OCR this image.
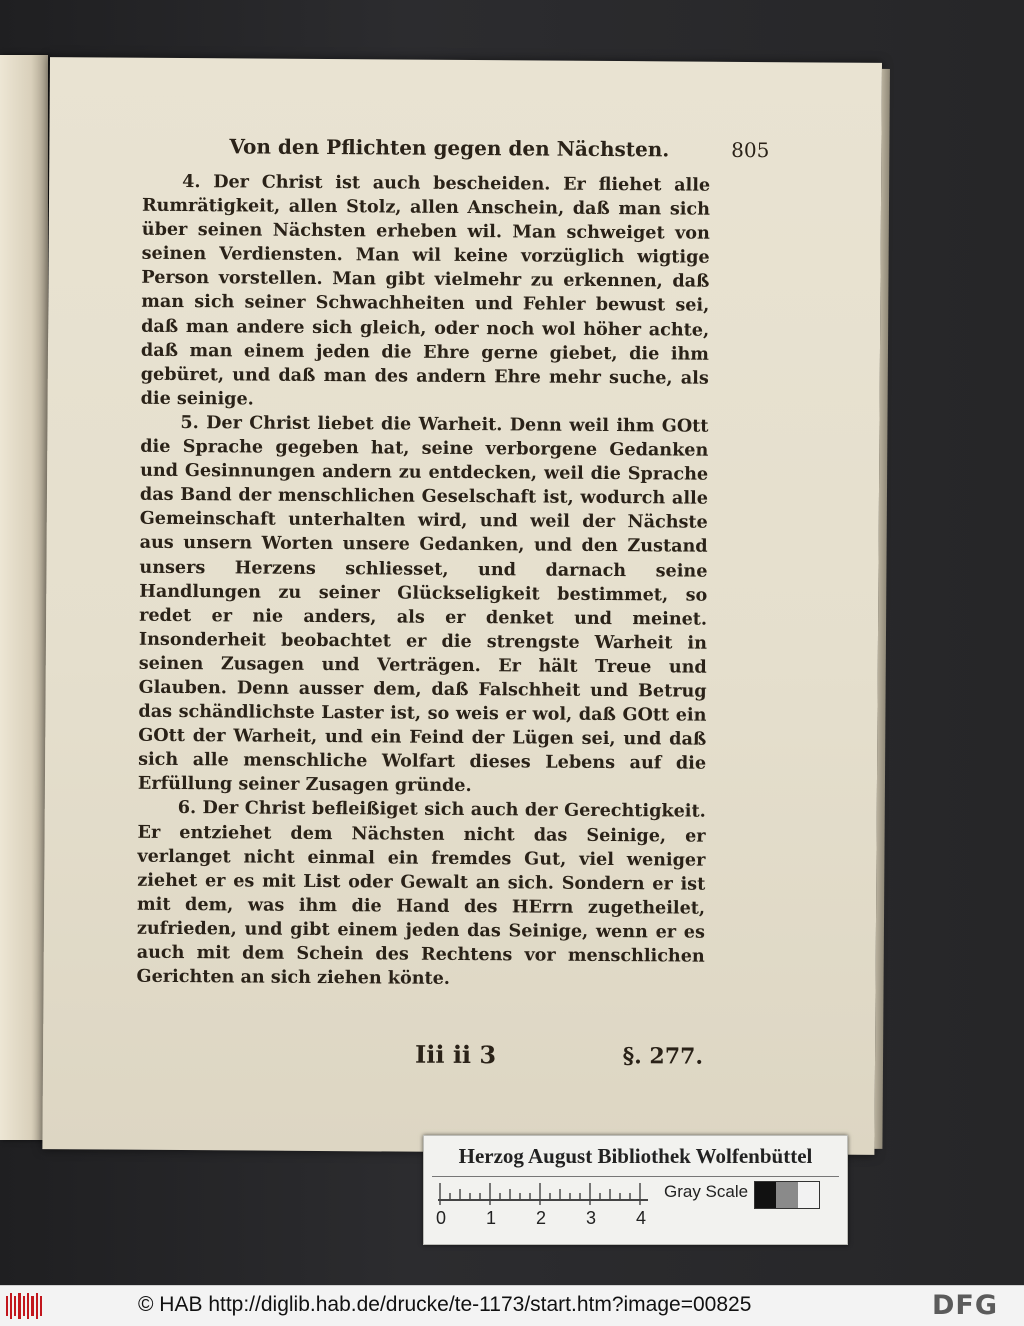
Von den Pflichten gegen den Nächsten.	805

4. Der Christ ist auch bescheiden. Er fliehet alle Rumrätigkeit, allen Stolz, allen Anschein, daß man sich über seinen Nächsten erheben wil. Man schweiget von seinen Verdiensten. Man wil keine vorzüglich wigtige Person vorstellen. Man gibt vielmehr zu erkennen, daß man sich seiner Schwachheiten und Fehler bewust sei, daß man andere sich gleich, oder noch wol höher achte, daß man einem jeden die Ehre gerne giebet, die ihm gebüret, und daß man des andern Ehre mehr suche, als die seinige.

5. Der Christ liebet die Warheit. Denn weil ihm GOtt die Sprache gegeben hat, seine verborgene Gedanken und Gesinnungen andern zu entdecken, weil die Sprache das Band der menschlichen Geselschaft ist, wodurch alle Gemeinschaft unterhalten wird, und weil der Nächste aus unsern Worten unsere Gedanken, und den Zustand unsers Herzens schliesset, und darnach seine Handlungen zu seiner Glückseligkeit bestimmet, so redet er nie anders, als er denket und meinet. Insonderheit beobachtet er die strengste Warheit in seinen Zusagen und Verträgen. Er hält Treue und Glauben. Denn ausser dem, daß Falschheit und Betrug das schändlichste Laster ist, so weis er wol, daß GOtt ein GOtt der Warheit, und ein Feind der Lügen sei, und daß sich alle menschliche Wolfart dieses Lebens auf die Erfüllung seiner Zusagen gründe.

6. Der Christ befleißiget sich auch der Gerechtigkeit. Er entziehet dem Nächsten nicht das Seinige, er verlanget nicht einmal ein fremdes Gut, viel weniger ziehet er es mit List oder Gewalt an sich. Sondern er ist mit dem, was ihm die Hand des HErrn zugetheilet, zufrieden, und gibt einem jeden das Seinige, wenn er es auch mit dem Schein des Rechtens vor menschlichen Gerichten an sich ziehen könte.

Iii ii 3	§. 277.
Herzog August Bibliothek Wolfenbüttel
0 1 2 3 4
Gray Scale
© HAB http://diglib.hab.de/drucke/te-1173/start.htm?image=00825	DFG
